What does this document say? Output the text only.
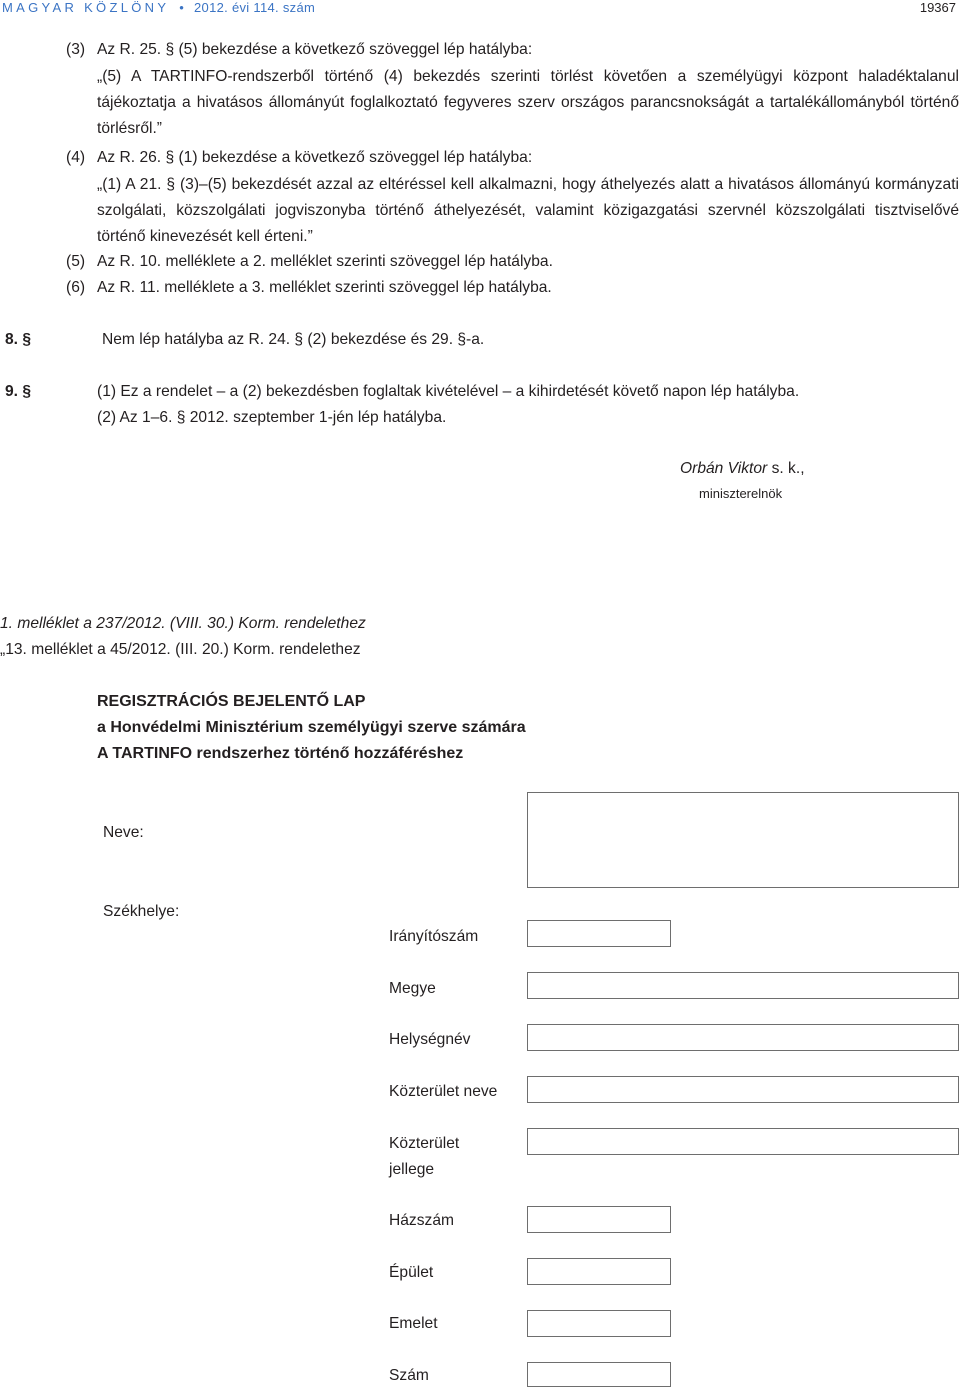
MAGYAR KÖZLÖNY • 2012. évi 114. szám	19367
(3) Az R. 25. § (5) bekezdése a következő szöveggel lép hatályba:
„(5) A TARTINFO-rendszerből történő (4) bekezdés szerinti törlést követően a személyügyi központ haladéktalanul tájékoztatja a hivatásos állományút foglalkoztató fegyveres szerv országos parancsnokságát a tartalékállományból történő törlésről.”
(4) Az R. 26. § (1) bekezdése a következő szöveggel lép hatályba:
„(1) A 21. § (3)–(5) bekezdését azzal az eltéréssel kell alkalmazni, hogy áthelyezés alatt a hivatásos állományú kormányzati szolgálati, közszolgálati jogviszonyba történő áthelyezését, valamint közigazgatási szervnél közszolgálati tisztviselővé történő kinevezését kell érteni.”
(5) Az R. 10. melléklete a 2. melléklet szerinti szöveggel lép hatályba.
(6) Az R. 11. melléklete a 3. melléklet szerinti szöveggel lép hatályba.
8. §	Nem lép hatályba az R. 24. § (2) bekezdése és 29. §-a.
9. §	(1) Ez a rendelet – a (2) bekezdésben foglaltak kivételével – a kihirdetését követő napon lép hatályba.
(2) Az 1–6. § 2012. szeptember 1-jén lép hatályba.
Orbán Viktor s. k.,
miniszterelnök
1. melléklet a 237/2012. (VIII. 30.) Korm. rendelethez
„13. melléklet a 45/2012. (III. 20.) Korm. rendelethez
REGISZTRÁCIÓS BEJELENTŐ LAP
a Honvédelmi Minisztérium személyügyi szerve számára
A TARTINFO rendszerhez történő hozzáféréshez
Neve:
Székhelye:
Irányítószám
Megye
Helységnév
Közterület neve
Közterület
jellege
Házszám
Épület
Emelet
Szám
